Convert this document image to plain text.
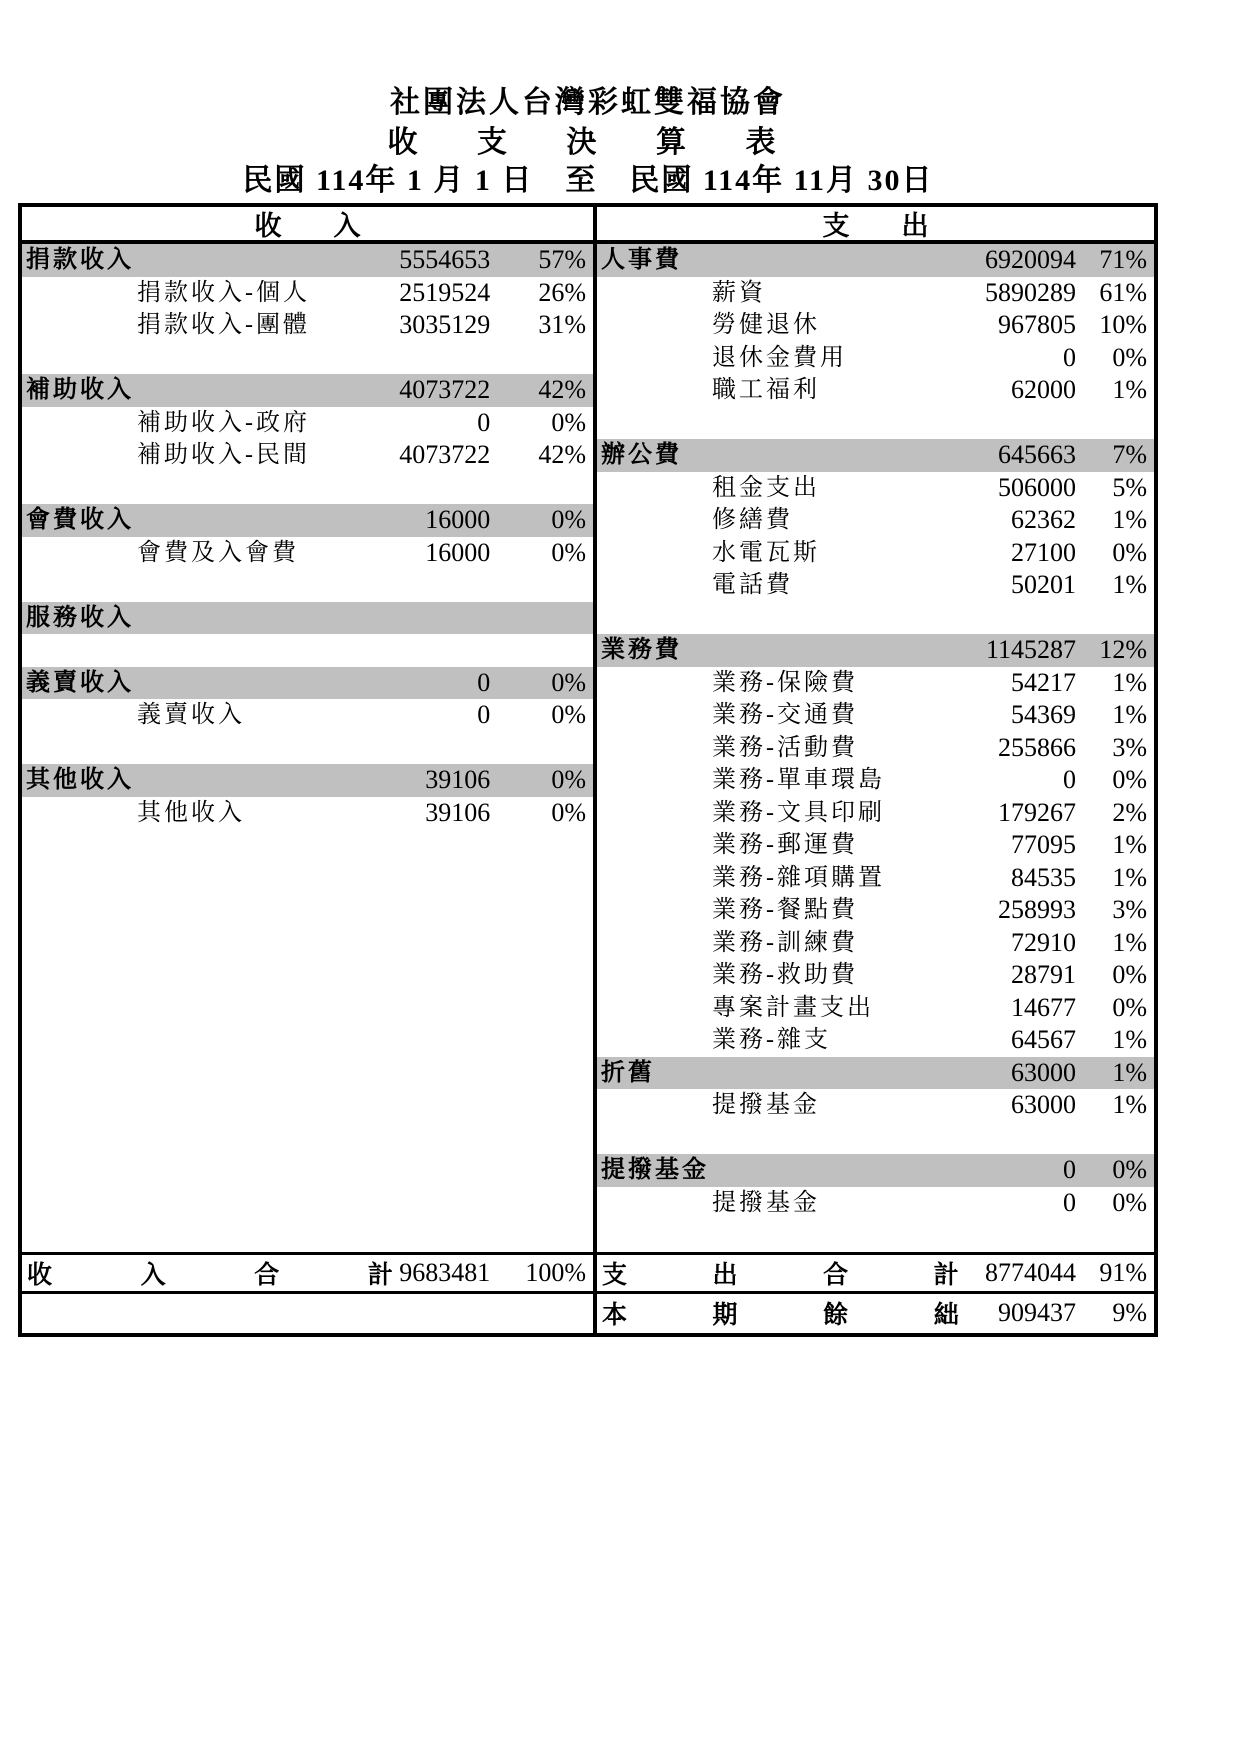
社團法人台灣彩虹雙福協會
收 支 決 算 表
民國 114年 1 月 1 日　至　民國 114年 11月 30日
收 入
捐款收入	5554653	57%
捐款收入-個人	2519524	26%
捐款收入-團體	3035129	31%
補助收入	4073722	42%
補助收入-政府	0	0%
補助收入-民間	4073722	42%
會費收入	16000	0%
會費及入會費	16000	0%
服務收入
義賣收入	0	0%
義賣收入	0	0%
其他收入	39106	0%
其他收入	39106	0%
收	入	合	計 9683481	100%
支 出
人事費	6920094 71%
薪資	5890289 61%
勞健退休	967805 10%
退休金費用	0	0%
職工福利	62000	1%
辦公費	645663	7%
租金支出	506000	5%
修繕費	62362	1%
水電瓦斯	27100	0%
電話費	50201	1%
業務費	1145287 12%
業務-保險費	54217	1%
業務-交通費	54369	1%
業務-活動費	255866	3%
業務-單車環島	0	0%
業務-文具印刷	179267	2%
業務-郵運費	77095	1%
業務-雜項購置	84535	1%
業務-餐點費	258993	3%
業務-訓練費	72910	1%
業務-救助費	28791	0%
專案計畫支出	14677	0%
業務-雜支	64567	1%
折舊	63000	1%
提撥基金	63000	1%
提撥基金	0	0%
提撥基金	0	0%
支	出	合	計	8774044 91%
本	期	餘	絀	909437	9%
